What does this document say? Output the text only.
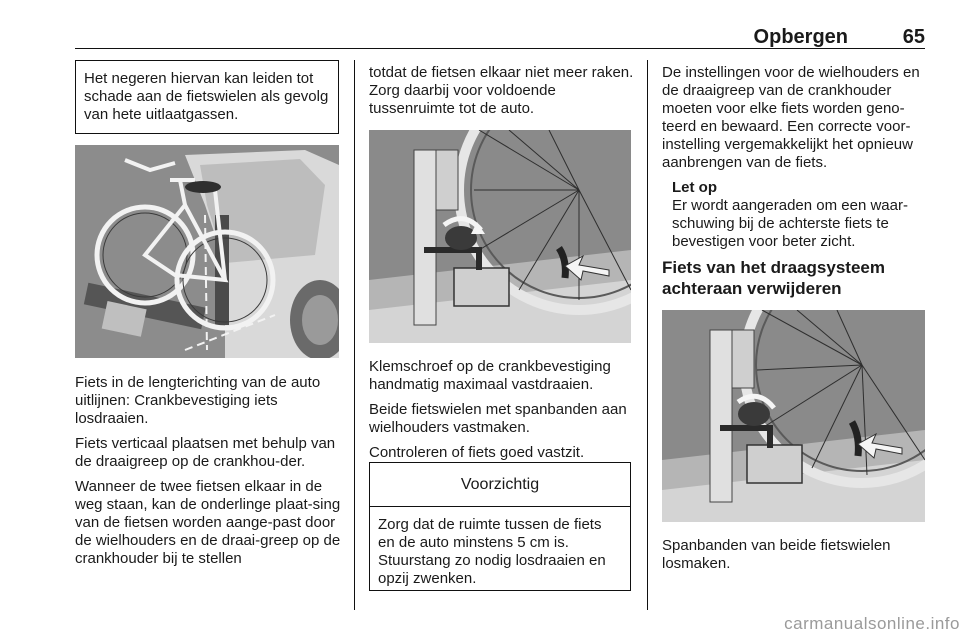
Opbergen	65
Het negeren hiervan kan leiden tot schade aan de fietswielen als gevolg van hete uitlaatgassen.

Fiets in de lengterichting van de auto uitlijnen: Crankbevestiging iets losdraaien.

Fiets verticaal plaatsen met behulp van de draaigreep op de crankhou-der.

Wanneer de twee fietsen elkaar in de weg staan, kan de onderlinge plaat-sing van de fietsen worden aange-past door de wielhouders en de draai-greep op de crankhouder bij te stellen

totdat de fietsen elkaar niet meer raken. Zorg daarbij voor voldoende tussenruimte tot de auto.

Klemschroef op de crankbevestiging handmatig maximaal vastdraaien.

Beide fietswielen met spanbanden aan wielhouders vastmaken.

Controleren of fiets goed vastzit.

Voorzichtig
Zorg dat de ruimte tussen de fiets en de auto minstens 5 cm is. Stuurstang zo nodig losdraaien en opzij zwenken.

De instellingen voor de wielhouders en de draaigreep van de crankhouder moeten voor elke fiets worden geno-teerd en bewaard. Een correcte voor-instelling vergemakkelijkt het opnieuw aanbrengen van de fiets.

Let op
Er wordt aangeraden om een waar-schuwing bij de achterste fiets te bevestigen voor beter zicht.
Fiets van het draagsysteem achteraan verwijderen

Spanbanden van beide fietswielen losmaken.

carmanualsonline.info
